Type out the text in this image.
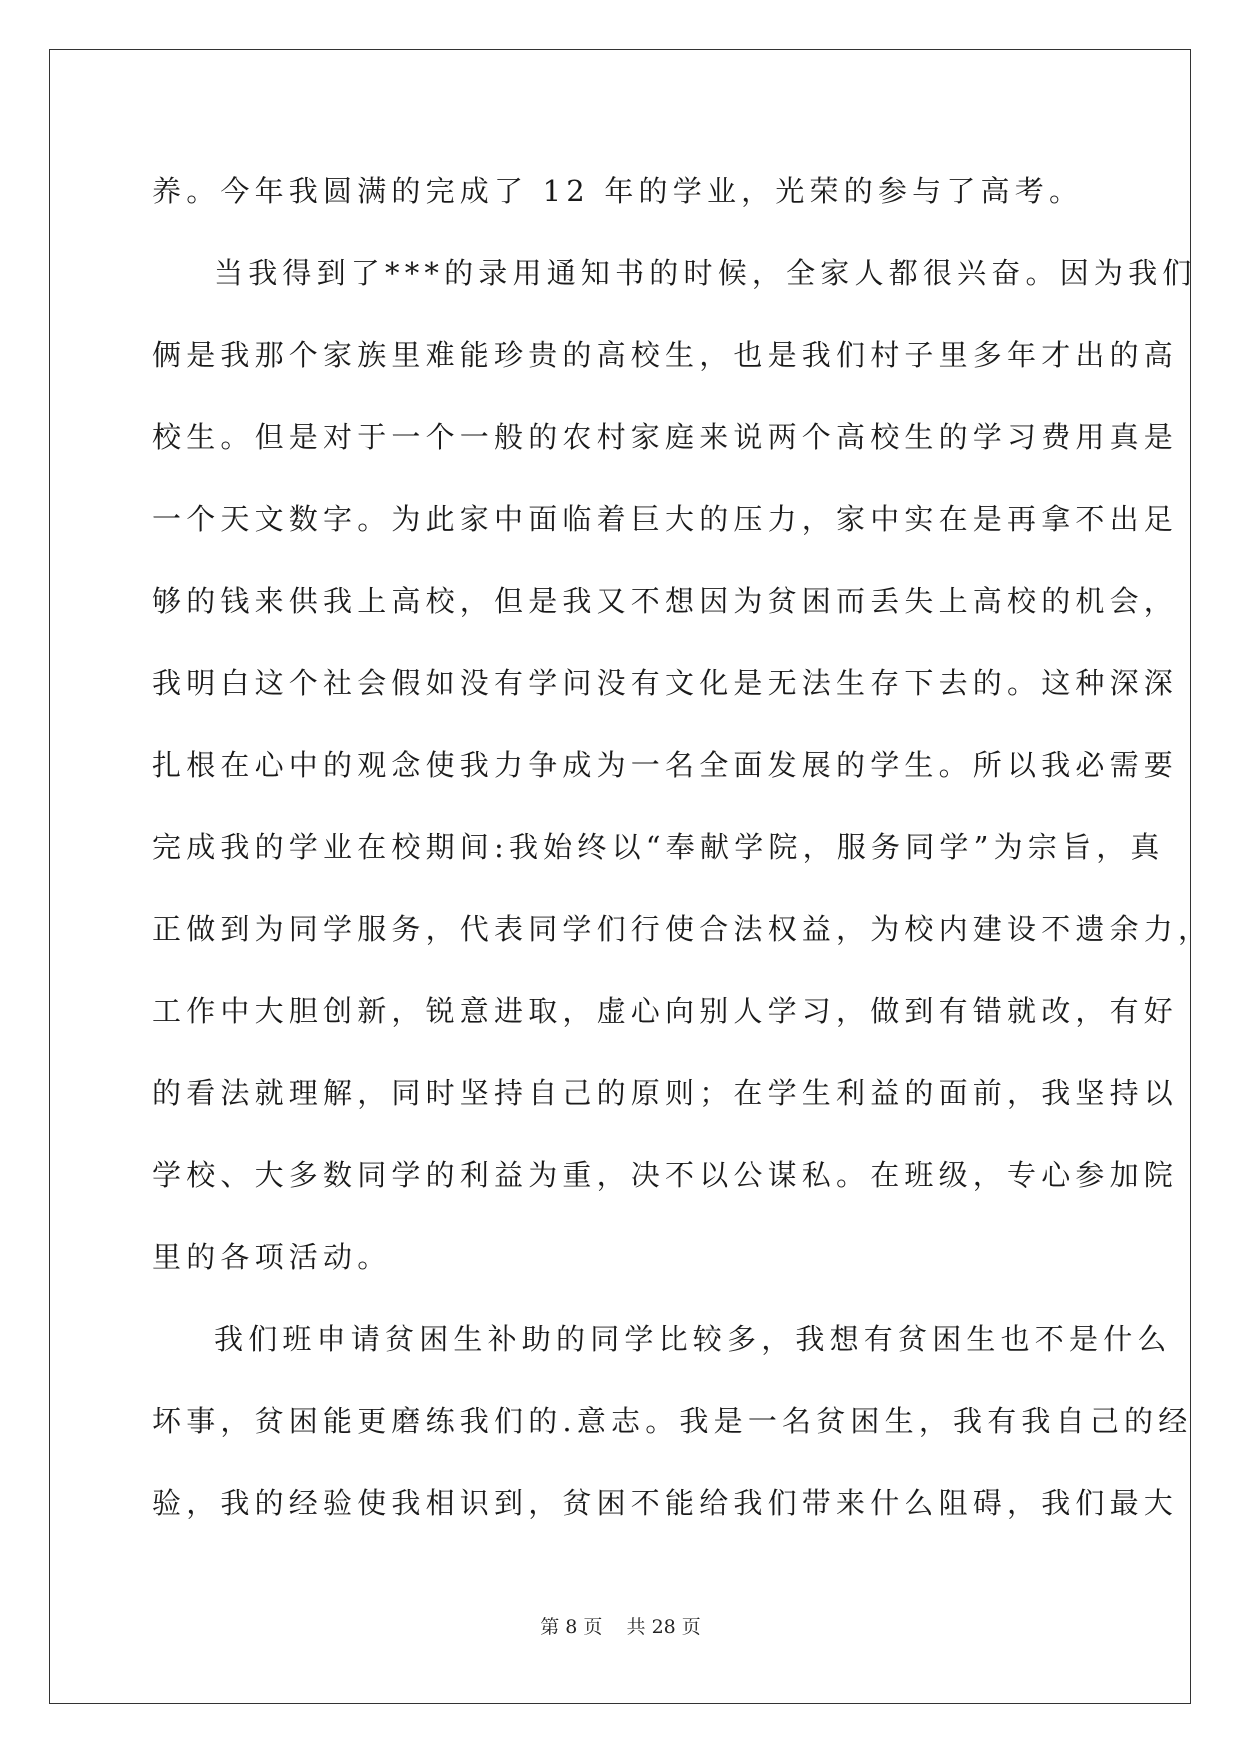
养。今年我圆满的完成了 12 年的学业，光荣的参与了高考。
当我得到了***的录用通知书的时候，全家人都很兴奋。因为我们
俩是我那个家族里难能珍贵的高校生，也是我们村子里多年才出的高
校生。但是对于一个一般的农村家庭来说两个高校生的学习费用真是
一个天文数字。为此家中面临着巨大的压力，家中实在是再拿不出足
够的钱来供我上高校，但是我又不想因为贫困而丢失上高校的机会，
我明白这个社会假如没有学问没有文化是无法生存下去的。这种深深
扎根在心中的观念使我力争成为一名全面发展的学生。所以我必需要
完成我的学业在校期间:我始终以“奉献学院，服务同学”为宗旨，真
正做到为同学服务，代表同学们行使合法权益，为校内建设不遗余力，
工作中大胆创新，锐意进取，虚心向别人学习，做到有错就改，有好
的看法就理解，同时坚持自己的原则；在学生利益的面前，我坚持以
学校、大多数同学的利益为重，决不以公谋私。在班级，专心参加院
里的各项活动。
我们班申请贫困生补助的同学比较多，我想有贫困生也不是什么
坏事，贫困能更磨练我们的.意志。我是一名贫困生，我有我自己的经
验，我的经验使我相识到，贫困不能给我们带来什么阻碍，我们最大
第 8 页    共 28 页
